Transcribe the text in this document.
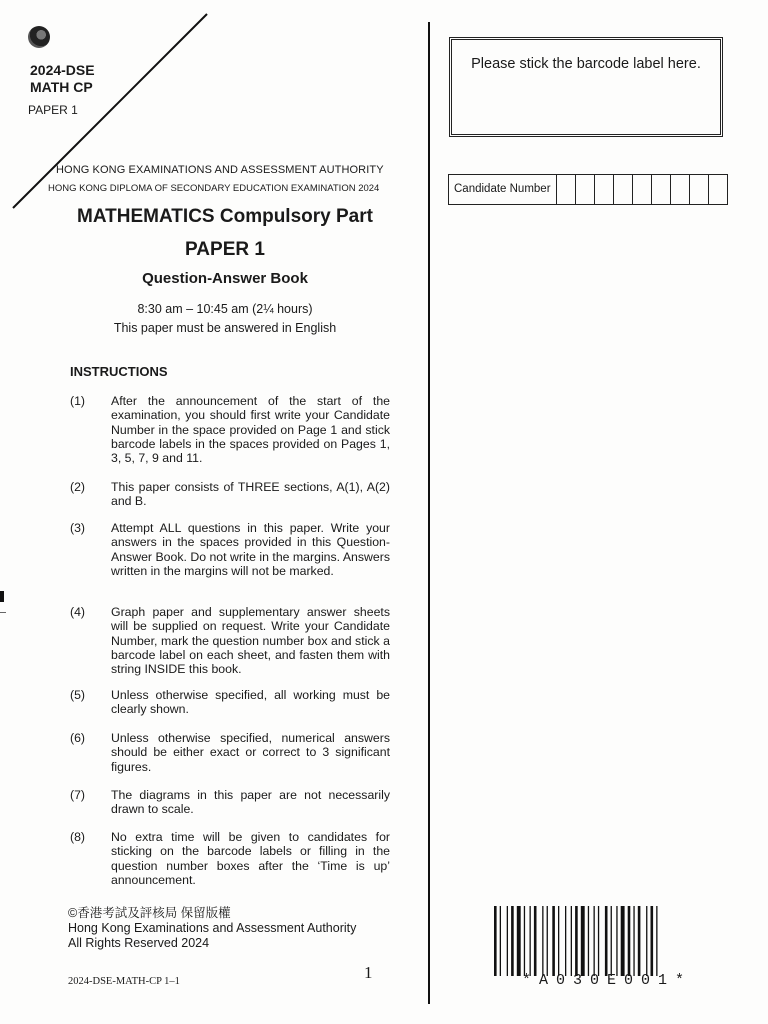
2024-DSE
MATH CP
PAPER 1
HONG KONG EXAMINATIONS AND ASSESSMENT AUTHORITY
HONG KONG DIPLOMA OF SECONDARY EDUCATION EXAMINATION 2024
MATHEMATICS Compulsory Part
PAPER 1
Question-Answer Book
8:30 am – 10:45 am (2¼ hours)
This paper must be answered in English
INSTRUCTIONS
(1) After the announcement of the start of the examination, you should first write your Candidate Number in the space provided on Page 1 and stick barcode labels in the spaces provided on Pages 1, 3, 5, 7, 9 and 11.
(2) This paper consists of THREE sections, A(1), A(2) and B.
(3) Attempt ALL questions in this paper. Write your answers in the spaces provided in this Question-Answer Book. Do not write in the margins. Answers written in the margins will not be marked.
(4) Graph paper and supplementary answer sheets will be supplied on request. Write your Candidate Number, mark the question number box and stick a barcode label on each sheet, and fasten them with string INSIDE this book.
(5) Unless otherwise specified, all working must be clearly shown.
(6) Unless otherwise specified, numerical answers should be either exact or correct to 3 significant figures.
(7) The diagrams in this paper are not necessarily drawn to scale.
(8) No extra time will be given to candidates for sticking on the barcode labels or filling in the question number boxes after the ‘Time is up’ announcement.
©香港考試及評核局 保留版權
Hong Kong Examinations and Assessment Authority
All Rights Reserved 2024
2024-DSE-MATH-CP 1–1	1
Please stick the barcode label here.
Candidate Number
*A030E001*
